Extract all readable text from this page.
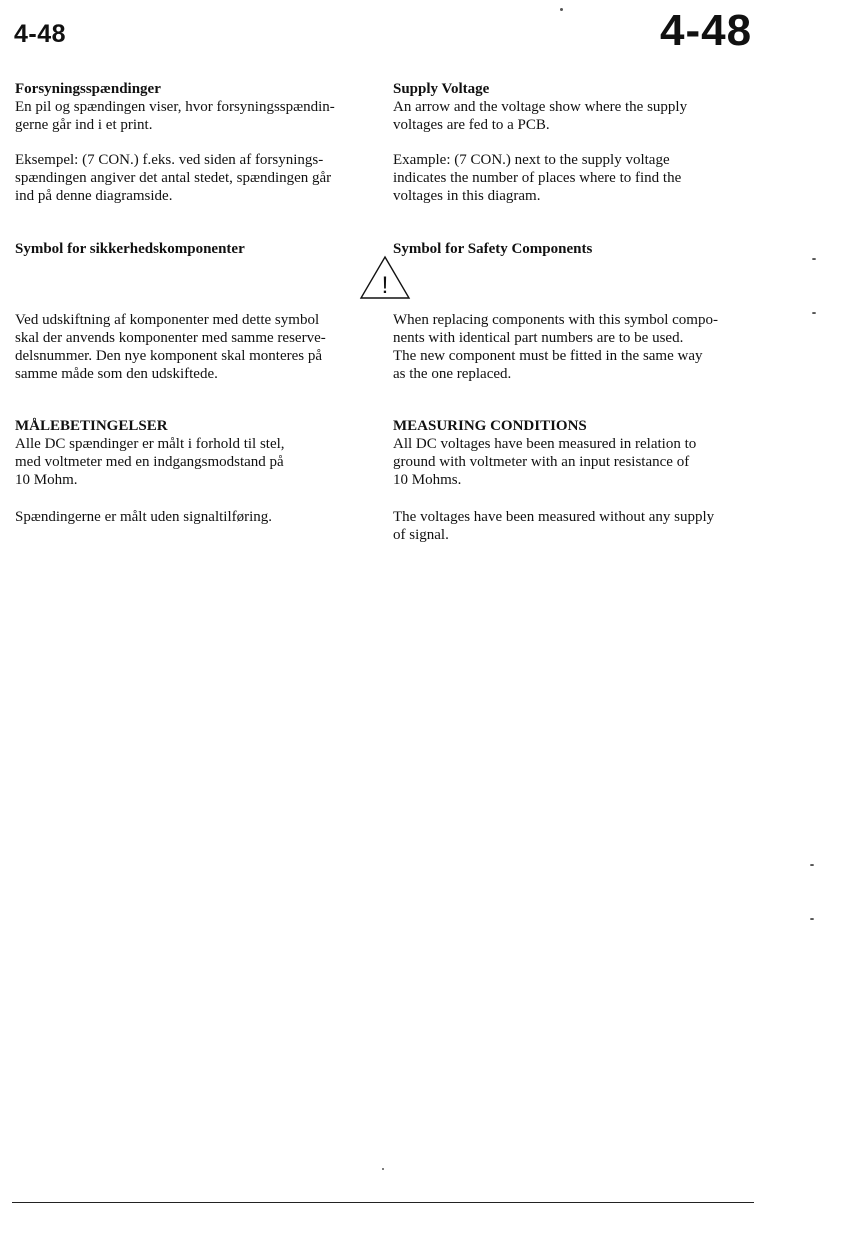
4-48	4-48
Forsyningsspændinger
En pil og spændingen viser, hvor forsyningsspændin-
gerne går ind i et print.
Eksempel: (7 CON.) f.eks. ved siden af forsynings-
spændingen angiver det antal stedet, spændingen går
ind på denne diagramside.
Symbol for sikkerhedskomponenter
Ved udskiftning af komponenter med dette symbol
skal der anvends komponenter med samme reserve-
delsnummer. Den nye komponent skal monteres på
samme måde som den udskiftede.
MÅLEBETINGELSER
Alle DC spændinger er målt i forhold til stel,
med voltmeter med en indgangsmodstand på
10 Mohm.
Spændingerne er målt uden signaltilføring.
Supply Voltage
An arrow and the voltage show where the supply
voltages are fed to a PCB.
Example: (7 CON.) next to the supply voltage
indicates the number of places where to find the
voltages in this diagram.
Symbol for Safety Components
When replacing components with this symbol compo-
nents with identical part numbers are to be used.
The new component must be fitted in the same way
as the one replaced.
MEASURING CONDITIONS
All DC voltages have been measured in relation to
ground with voltmeter with an input resistance of
10 Mohms.
The voltages have been measured without any supply
of signal.
!
